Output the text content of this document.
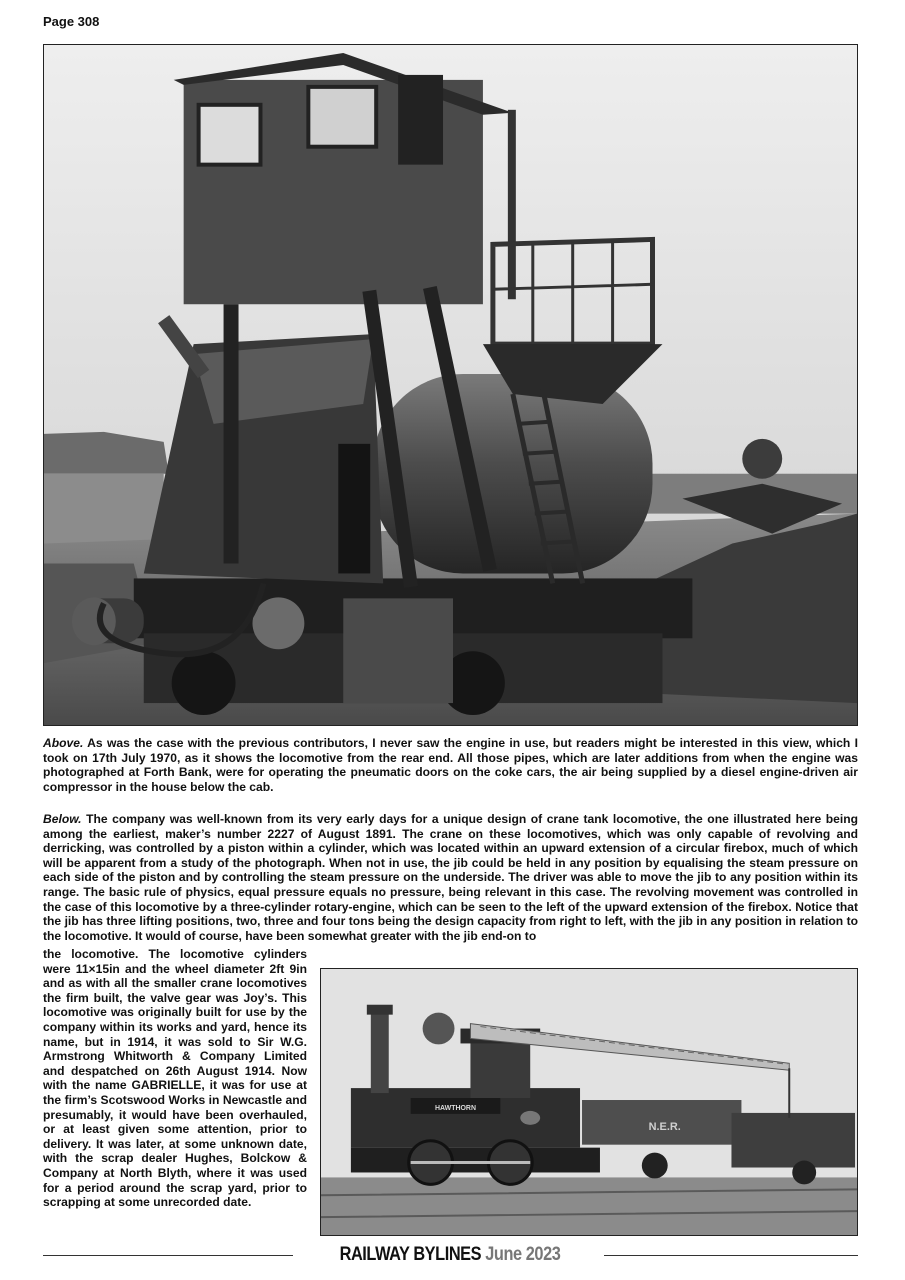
Page 308
Above. As was the case with the previous contributors, I never saw the engine in use, but readers might be interested in this view, which I took on 17th July 1970, as it shows the locomotive from the rear end. All those pipes, which are later additions from when the engine was photographed at Forth Bank, were for operating the pneumatic doors on the coke cars, the air being supplied by a diesel engine-driven air compressor in the house below the cab.
Below. The company was well-known from its very early days for a unique design of crane tank locomotive, the one illustrated here being among the earliest, maker’s number 2227 of August 1891. The crane on these locomotives, which was only capable of revolving and derricking, was controlled by a piston within a cylinder, which was located within an upward extension of a circular firebox, much of which will be apparent from a study of the photograph. When not in use, the jib could be held in any position by equalising the steam pressure on each side of the piston and by controlling the steam pressure on the underside. The driver was able to move the jib to any position within its range. The basic rule of physics, equal pressure equals no pressure, being relevant in this case. The revolving movement was controlled in the case of this locomotive by a three-cylinder rotary-engine, which can be seen to the left of the upward extension of the firebox. Notice that the jib has three lifting positions, two, three and four tons being the design capacity from right to left, with the jib in any position in relation to the locomotive. It would of course, have been somewhat greater with the jib end-on to
the locomotive. The locomotive cylinders were 11×15in and the wheel diameter 2ft 9in and as with all the smaller crane locomotives the firm built, the valve gear was Joy’s. This locomotive was originally built for use by the company within its works and yard, hence its name, but in 1914, it was sold to Sir W.G. Armstrong Whitworth & Company Limited and despatched on 26th August 1914. Now with the name GABRIELLE, it was for use at the firm’s Scotswood Works in Newcastle and presumably, it would have been overhauled, or at least given some attention, prior to delivery. It was later, at some unknown date, with the scrap dealer Hughes, Bolckow & Company at North Blyth, where it was used for a period around the scrap yard, prior to scrapping at some unrecorded date.
HAWTHORN
N.E.R.
RAILWAY BYLINES June 2023
